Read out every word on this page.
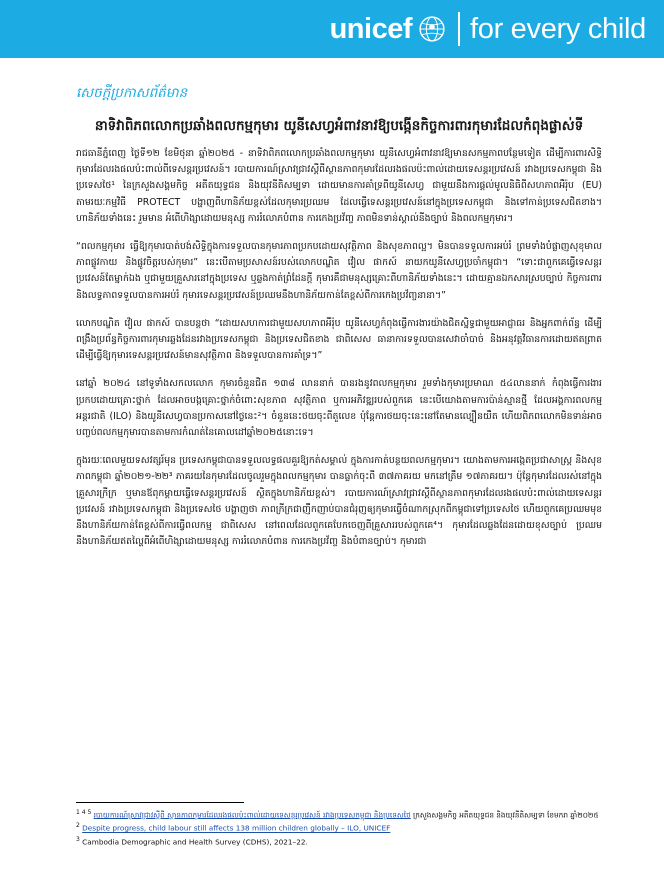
unicef for every child
សេចក្ដីប្រកាសព័ត៌មាន
នាទិវាពិភពលោកប្រឆាំងពលកម្មកុមារ យូនីសេហ្វអំពាវនាវឱ្យបង្កើនកិច្ចការពារកុមារដែលកំពុងផ្លាស់ទី

រាជធានីភ្នំពេញ ថ្ងៃទី១២ ខែមិថុនា ឆ្នាំ២០២៥ - នាទិវាពិភពលោកប្រឆាំងពលកម្មកុមារ យូនីសេហ្វអំពាវនាវឱ្យមានសកម្មភាពបន្ថែមទៀត ដើម្បីការពារសិទ្ធិកុមារដែលរងផលប៉ះពាល់ពីទេសន្តរប្រវេសន៍។ របាយការណ៍ស្រាវជ្រាវស្ដីពីស្ថានភាពកុមារដែលរងផលប៉ះពាល់ដោយទេសន្តរប្រវេសន៍ រវាងប្រទេសកម្ពុជា និងប្រទេសថៃ¹ នៃក្រសួងសង្គមកិច្ច អតីតយុទ្ធជន និងយុវនីតិសម្បទា ដោយមានការគាំទ្រពីយូនីសេហ្វ ជាមួយនឹងការផ្ដល់មូលនិធិពីសហភាពអឺរ៉ុប (EU) តាមរយៈកម្មវិធី PROTECT បង្ហាញពីហានិភ័យខ្ពស់ដែលកុមារប្រឈម ដែលធ្វើទេសន្តរប្រវេសន៍នៅក្នុងប្រទេសកម្ពុជា និងទៅកាន់ប្រទេសជិតខាង។ ហានិភ័យទាំងនេះ រួមមាន អំពើហិង្សាដោយមនុស្ស ការរំលោភបំពាន ការកេងប្រវ័ញ្ច ភាពមិនទាន់ស្គាល់នីងច្បាប់ និងពលកម្មកុមារ។

“ពលកម្មកុមារ ធ្វើឱ្យកុមារបាត់បង់សិទ្ធិក្នុងការទទួលបានកុមារភាពប្រកបដោយសុវត្ថិភាព និងសុខភាពល្អ។ មិនបានទទួលការអប់រំ ព្រមទាំងបំផ្លាញសុខុមាលភាពផ្លូវកាយ និងផ្លូវចិត្តរបស់កុមារ” នេះបើតាមប្រសាសន៍របស់លោកបណ្ឌិត វ៉ៀល ផាកស៍ នាយកយូនីសេហ្វប្រចាំកម្ពុជា។ “ទោះជាពួកគេធ្វើទេសន្តរប្រវេសន៍តែម្នាក់ឯង ឬជាមួយគ្រួសារនៅក្នុងប្រទេស ឬឆ្លងកាត់ព្រំដែនក្ដី កុមារគឺជាមនុស្សគ្រោះពីហានិភ័យទាំងនេះ។ ដោយគ្មានឯកសារស្របច្បាប់ កិច្ចការពារ និងលទ្ធភាពទទួលបានការអប់រំ កុមារទេសន្តរប្រវេសន៍ប្រឈមនឹងហានិភ័យកាន់តែខ្ពស់ពីការកេងប្រវ័ញ្ចនានា។”

លោកបណ្ឌិត វ៉ៀល ផាកស៍ បានបន្តថា “ដោយសហការជាមួយសហភាពអឺរ៉ុប យូនីសេហ្វកំពុងធ្វើការងារយ៉ាងជិតស្និទ្ធជាមួយអាជ្ញាធរ និងអ្នកពាក់ព័ន្ធ ដើម្បីពង្រឹងប្រព័ន្ធកិច្ចការពារកុមារឆ្លងដែនរវាងប្រទេសកម្ពុជា និងប្រទេសជិតខាង ជាពិសេស ធានាការទទួលបានសេវាចាំបាច់ និងអនុវត្តវិធានការដោយឥតព្រាត ដើម្បីធ្វើឱ្យកុមារទេសន្តរប្រវេសន៍មានសុវត្ថិភាព និងទទួលបានការគាំទ្រ។”

នៅឆ្នាំ ២០២៤ នៅទូទាំងសកលលោក កុមារចំនួនជិត ១៣៨ លាននាក់ បានរងនូវពលកម្មកុមារ រួមទាំងកុមារប្រមាណ ៥៤លាននាក់ កំពុងធ្វើការងារប្រកបដោយគ្រោះថ្នាក់ ដែលអាចបង្កគ្រោះថ្នាក់ចំពោះសុខភាព សុវត្ថិភាព ឬការអភិវឌ្ឍរបស់ពួកគេ នេះបើយោងតាមការប៉ាន់ស្មានថ្មី ដែលអង្គការពលកម្មអន្តរជាតិ (ILO) និងយូនីសេហ្វបានប្រកាសនៅថ្ងៃនេះ²។ ចំនួននេះថយចុះពីតួលេខ ប៉ុន្តែការថយចុះនេះនៅតែមានល្បឿនយឺត ហើយពិភពលោកមិនទាន់អាចបញ្ចប់ពលកម្មកុមារបានតាមការកំណត់នៃគោលដៅឆ្នាំ២០២៥នោះទេ។

ក្នុងរយៈពេលមួយទសវត្សរ៍មុន ប្រទេសកម្ពុជាបានទទួលលទ្ធផលគួរឱ្យកត់សម្គាល់ ក្នុងការកាត់បន្ថយពលកម្មកុមារ។ យោងតាមការអង្កេតប្រជាសាស្ត្រ និងសុខភាពកម្ពុជា ឆ្នាំ២០២១-២២³ ភាគរយនៃកុមារដែលចូលរួមក្នុងពលកម្មកុមារ បានធ្លាក់ចុះពី ៣៧ភាគរយ មកនៅត្រឹម ១៧ភាគរយ។ ប៉ុន្តែកុមារដែលរស់នៅក្នុងគ្រួសារក្រីក្រ ឬមានឪពុកម្ដាយធ្វើទេសន្តរប្រវេសន៍ ស្ថិតក្នុងហានិភ័យខ្ពស់។ របាយការណ៍ស្រាវជ្រាវស្ដីពីស្ថានភាពកុមារដែលរងផលប៉ះពាល់ដោយទេសន្តរប្រវេសន៍ រវាងប្រទេសកម្ពុជា និងប្រទេសថៃ បង្ហាញថា ភាពក្រីក្រជាញឹកញាប់បានជំរុញឲ្យកុមារធ្វើចំណាកស្រុកពីកម្ពុជាទៅប្រទេសថៃ ហើយពួកគេប្រឈមមុខនឹងហានិភ័យកាន់តែខ្ពស់ពីការធ្វើពលកម្ម ជាពិសេស នៅពេលដែលពួកគេបែកចេញពីគ្រួសាររបស់ពួកគេ⁴។ កុមារដែលឆ្លងដែនដោយខុសច្បាប់ ប្រឈមនឹងហានិភ័យឥតល្ហៃពីអំពើហិង្សាដោយមនុស្ស ការរំលោភបំពាន ការកេងប្រវ័ញ្ច និងបំពានច្បាប់។ កុមារជា

$^{1 4 5}$ របាយការណ៍ស្រាវជ្រាវស្ដីពី ស្ថានភាពកុមារដែលរងផលប៉ះពាល់ដោយទេសន្តរប្រវេសន៍ រវាងប្រទេសកម្ពុជា និងប្រទេសថៃ ក្រសួងសង្គមកិច្ច អតីតយុទ្ធជន និងយុវនីតិសម្បទា ខែមករា ឆ្នាំ២០២៥

$^2$ Despite progress, child labour still affects 138 million children globally – ILO, UNICEF

$^3$ Cambodia Demographic and Health Survey (CDHS), 2021–22.
